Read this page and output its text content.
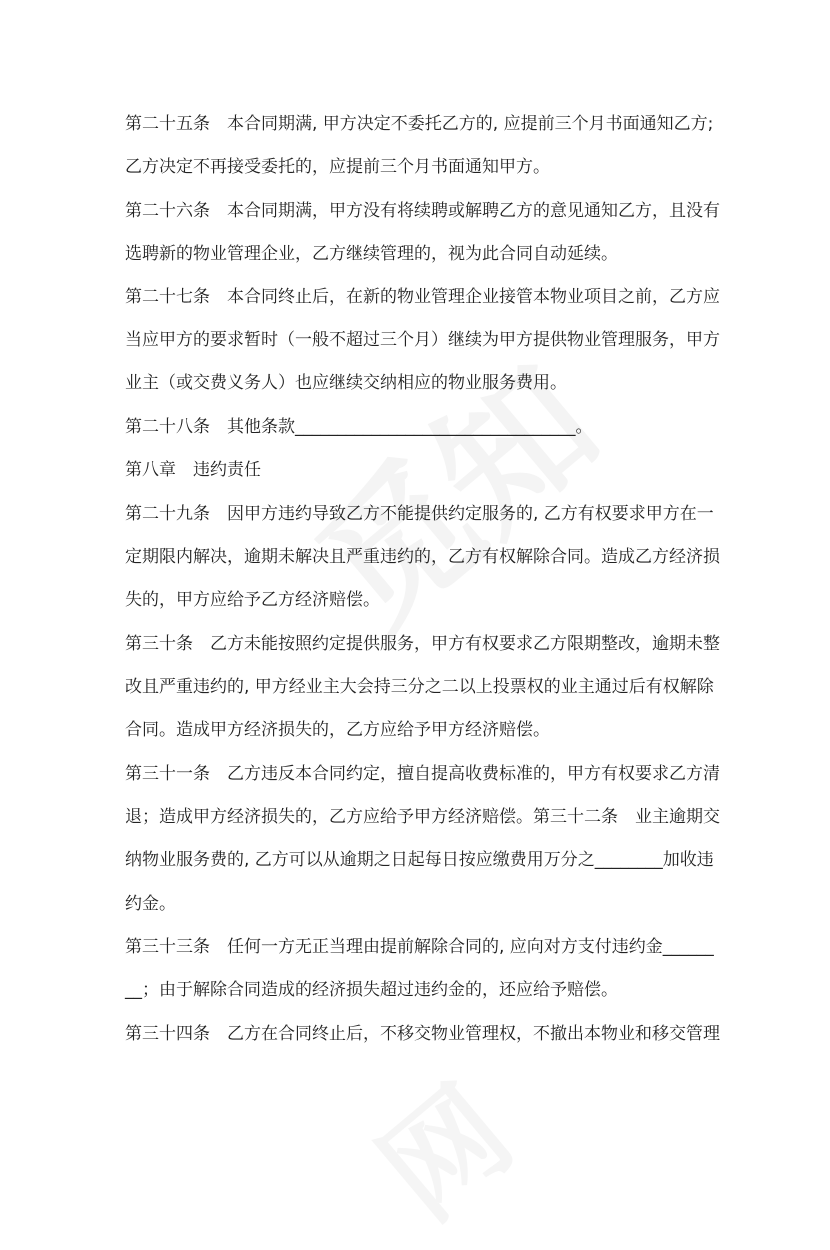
第二十五条　本合同期满, 甲方决定不委托乙方的, 应提前三个月书面通知乙方;
乙方决定不再接受委托的，应提前三个月书面通知甲方。
第二十六条　本合同期满，甲方没有将续聘或解聘乙方的意见通知乙方，且没有
选聘新的物业管理企业，乙方继续管理的，视为此合同自动延续。
第二十七条　本合同终止后，在新的物业管理企业接管本物业项目之前，乙方应
当应甲方的要求暂时（一般不超过三个月）继续为甲方提供物业管理服务，甲方
业主（或交费义务人）也应继续交纳相应的物业服务费用。
第二十八条　其他条款_________________________________。
第八章　违约责任
第二十九条　因甲方违约导致乙方不能提供约定服务的, 乙方有权要求甲方在一
定期限内解决，逾期未解决且严重违约的，乙方有权解除合同。造成乙方经济损
失的，甲方应给予乙方经济赔偿。
第三十条　乙方未能按照约定提供服务，甲方有权要求乙方限期整改，逾期未整
改且严重违约的, 甲方经业主大会持三分之二以上投票权的业主通过后有权解除
合同。造成甲方经济损失的，乙方应给予甲方经济赔偿。
第三十一条　乙方违反本合同约定，擅自提高收费标准的，甲方有权要求乙方清
退；造成甲方经济损失的，乙方应给予甲方经济赔偿。第三十二条　业主逾期交
纳物业服务费的, 乙方可以从逾期之日起每日按应缴费用万分之________加收违
约金。
第三十三条　任何一方无正当理由提前解除合同的, 应向对方支付违约金______
__；由于解除合同造成的经济损失超过违约金的，还应给予赔偿。
第三十四条　乙方在合同终止后，不移交物业管理权，不撤出本物业和移交管理
